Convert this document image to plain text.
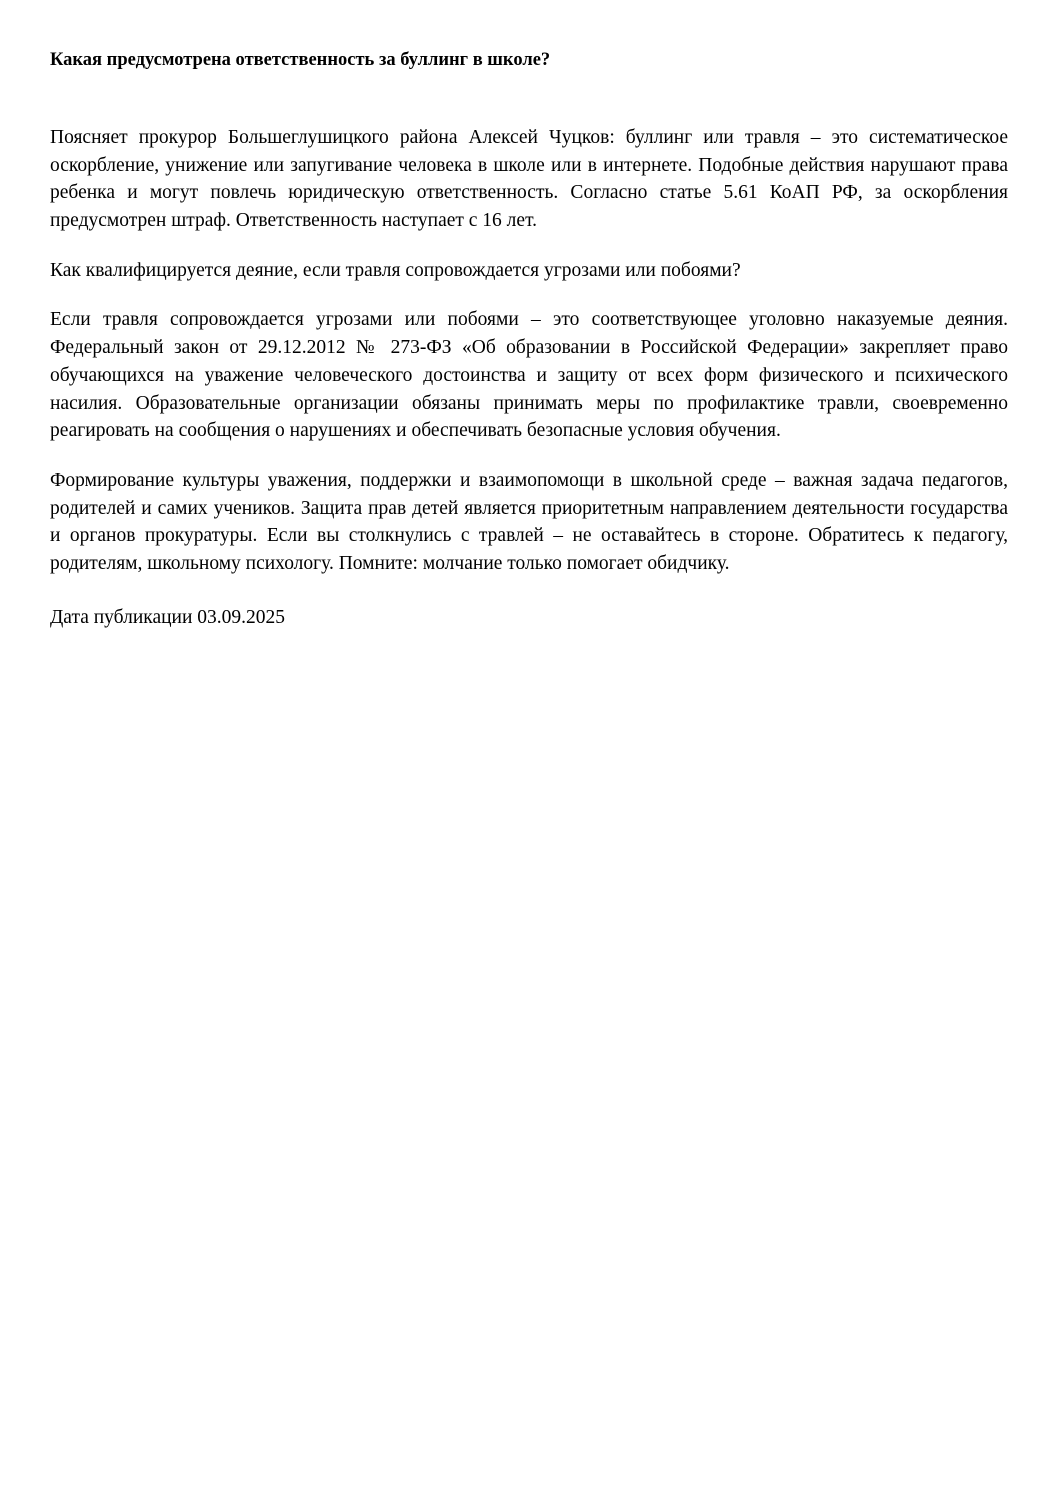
Какая предусмотрена ответственность за буллинг в школе?

Поясняет прокурор Большеглушицкого района Алексей Чуцков: буллинг или травля – это систематическое оскорбление, унижение или запугивание человека в школе или в интернете. Подобные действия нарушают права ребенка и могут повлечь юридическую ответственность. Согласно статье 5.61 КоАП РФ, за оскорбления предусмотрен штраф. Ответственность наступает с 16 лет.

Как квалифицируется деяние, если травля сопровождается угрозами или побоями?

Если травля сопровождается угрозами или побоями – это соответствующее уголовно наказуемые деяния. Федеральный закон от 29.12.2012 № 273-ФЗ «Об образовании в Российской Федерации» закрепляет право обучающихся на уважение человеческого достоинства и защиту от всех форм физического и психического насилия. Образовательные организации обязаны принимать меры по профилактике травли, своевременно реагировать на сообщения о нарушениях и обеспечивать безопасные условия обучения.

Формирование культуры уважения, поддержки и взаимопомощи в школьной среде – важная задача педагогов, родителей и самих учеников. Защита прав детей является приоритетным направлением деятельности государства и органов прокуратуры. Если вы столкнулись с травлей – не оставайтесь в стороне. Обратитесь к педагогу, родителям, школьному психологу. Помните: молчание только помогает обидчику.

Дата публикации 03.09.2025
